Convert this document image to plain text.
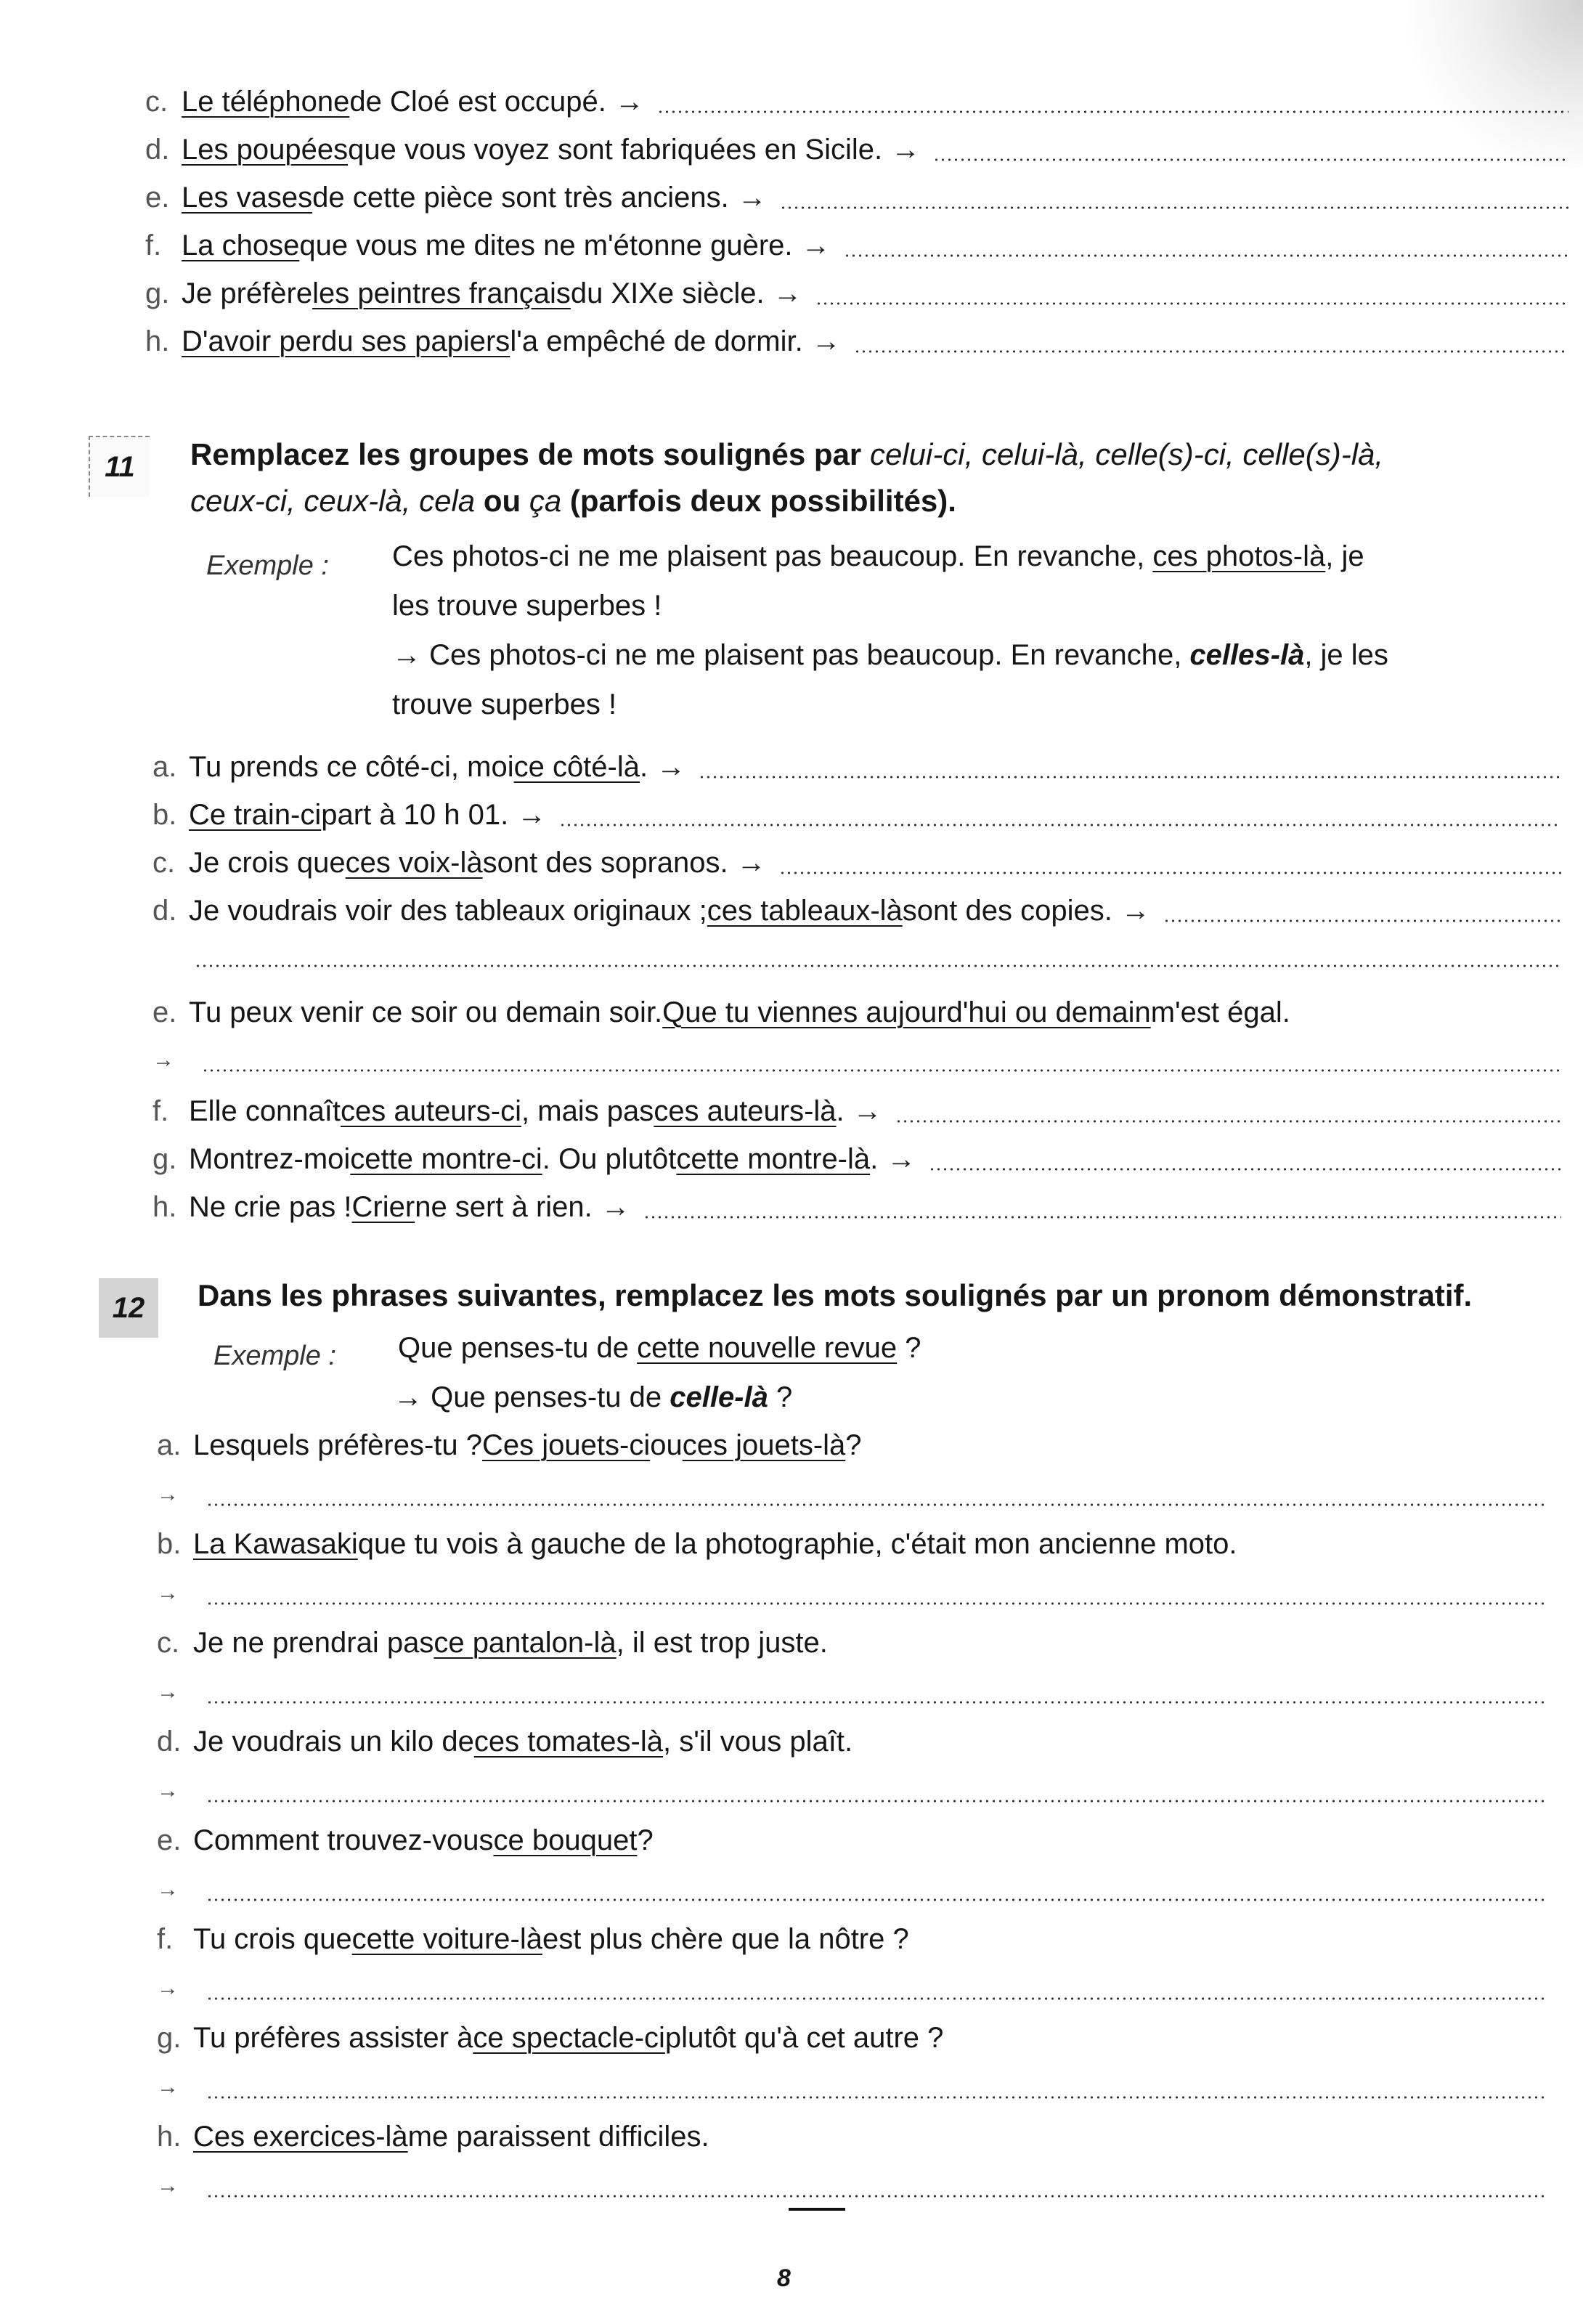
c. Le téléphone de Cloé est occupé. →
d. Les poupées que vous voyez sont fabriquées en Sicile. →
e. Les vases de cette pièce sont très anciens. →
f. La chose que vous me dites ne m'étonne guère. →
g. Je préfère les peintres français du XIXe siècle. →
h. D'avoir perdu ses papiers l'a empêché de dormir. →
11	Remplacez les groupes de mots soulignés par celui-ci, celui-là, celle(s)-ci, celle(s)-là,
ceux-ci, ceux-là, cela ou ça (parfois deux possibilités).
Exemple : Ces photos-ci ne me plaisent pas beaucoup. En revanche, ces photos-là, je
les trouve superbes !
→ Ces photos-ci ne me plaisent pas beaucoup. En revanche, celles-là, je les
trouve superbes !
a. Tu prends ce côté-ci, moi ce côté-là . →
b. Ce train-ci part à 10 h 01. →
c. Je crois que ces voix-là sont des sopranos. →
d. Je voudrais voir des tableaux originaux ; ces tableaux-là sont des copies. →
e. Tu peux venir ce soir ou demain soir. Que tu viennes aujourd'hui ou demain m'est égal.
→
f. Elle connaît ces auteurs-ci , mais pas ces auteurs-là . →
g. Montrez-moi cette montre-ci . Ou plutôt cette montre-là . →
h. Ne crie pas ! Crier ne sert à rien. →
12	Dans les phrases suivantes, remplacez les mots soulignés par un pronom démonstratif.
Exemple : Que penses-tu de cette nouvelle revue ?
→ Que penses-tu de celle-là ?
a. Lesquels préfères-tu ? Ces jouets-ci ou ces jouets-là ?
→
b. La Kawasaki que tu vois à gauche de la photographie, c'était mon ancienne moto.
→
c. Je ne prendrai pas ce pantalon-là , il est trop juste.
→
d. Je voudrais un kilo de ces tomates-là , s'il vous plaît.
→
e. Comment trouvez-vous ce bouquet ?
→
f. Tu crois que cette voiture-là est plus chère que la nôtre ?
→
g. Tu préfères assister à ce spectacle-ci plutôt qu'à cet autre ?
→
h. Ces exercices-là me paraissent difficiles.
→
8
